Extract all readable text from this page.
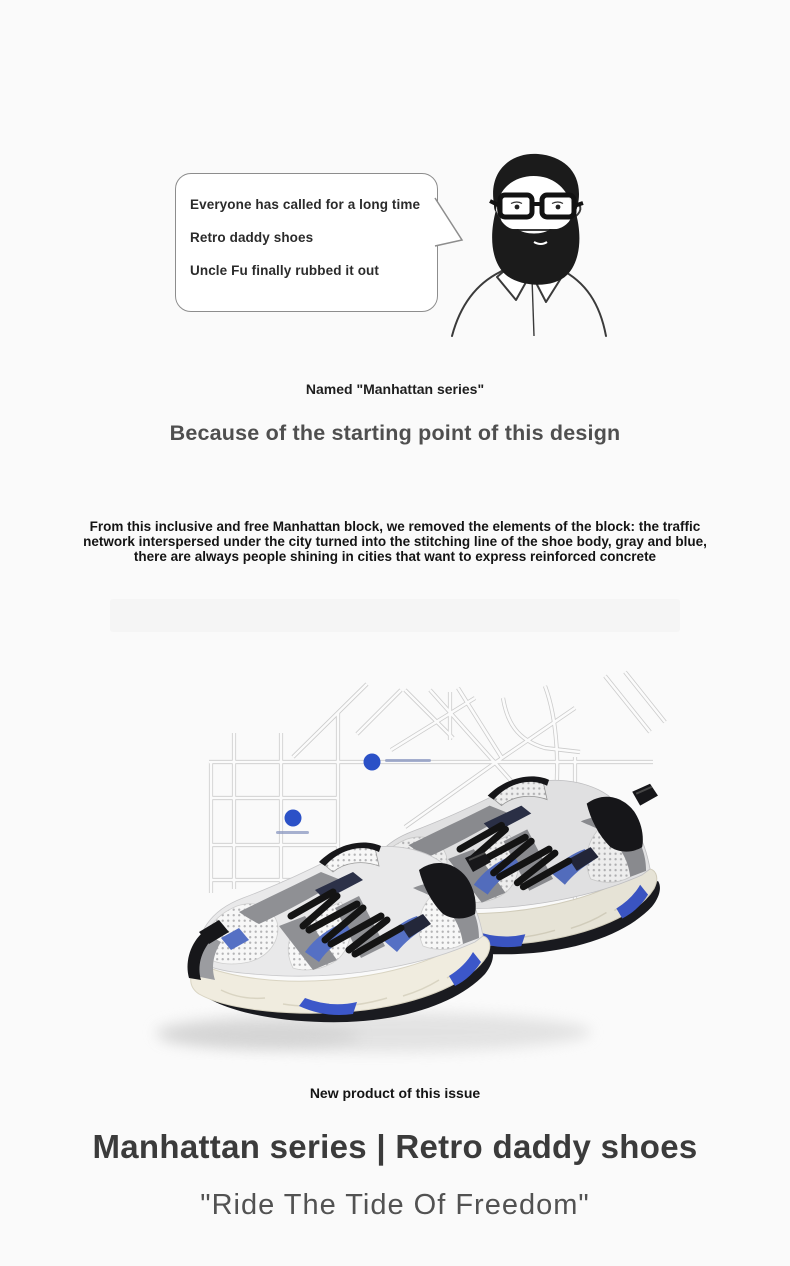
Everyone has called for a long time

Retro daddy shoes

Uncle Fu finally rubbed it out

Named "Manhattan series"

Because of the starting point of this design

From this inclusive and free Manhattan block, we removed the elements of the block: the traffic
network interspersed under the city turned into the stitching line of the shoe body, gray and blue,
there are always people shining in cities that want to express reinforced concrete

New product of this issue

Manhattan series | Retro daddy shoes

"Ride The Tide Of Freedom"
